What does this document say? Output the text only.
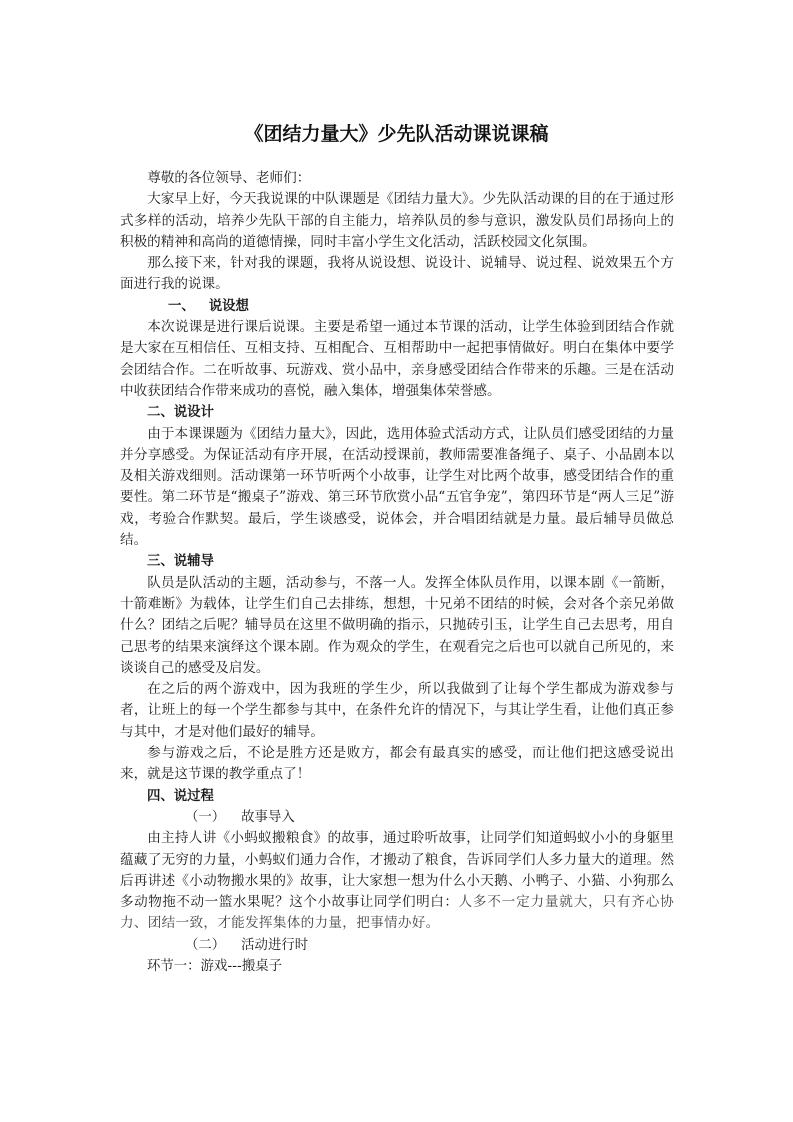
《团结力量大》少先队活动课说课稿

尊敬的各位领导、老师们：

大家早上好，今天我说课的中队课题是《团结力量大》。少先队活动课的目的在于通过形式多样的活动，培养少先队干部的自主能力，培养队员的参与意识，激发队员们昂扬向上的积极的精神和高尚的道德情操，同时丰富小学生文化活动，活跃校园文化氛围。

那么接下来，针对我的课题，我将从说设想、说设计、说辅导、说过程、说效果五个方面进行我的说课。

一、 说设想

本次说课是进行课后说课。主要是希望一通过本节课的活动，让学生体验到团结合作就是大家在互相信任、互相支持、互相配合、互相帮助中一起把事情做好。明白在集体中要学会团结合作。二在听故事、玩游戏、赏小品中，亲身感受团结合作带来的乐趣。三是在活动中收获团结合作带来成功的喜悦，融入集体，增强集体荣誉感。

二、说设计

由于本课课题为《团结力量大》，因此，选用体验式活动方式，让队员们感受团结的力量并分享感受。为保证活动有序开展，在活动授课前，教师需要准备绳子、桌子、小品剧本以及相关游戏细则。活动课第一环节听两个小故事，让学生对比两个故事，感受团结合作的重要性。第二环节是“搬桌子”游戏、第三环节欣赏小品“五官争宠”，第四环节是“两人三足”游戏，考验合作默契。最后，学生谈感受，说体会，并合唱团结就是力量。最后辅导员做总结。

三、说辅导

队员是队活动的主题，活动参与，不落一人。发挥全体队员作用，以课本剧《一箭断，十箭难断》为载体，让学生们自己去排练，想想，十兄弟不团结的时候，会对各个亲兄弟做什么？团结之后呢？辅导员在这里不做明确的指示，只抛砖引玉，让学生自己去思考，用自己思考的结果来演绎这个课本剧。作为观众的学生，在观看完之后也可以就自己所见的，来谈谈自己的感受及启发。

在之后的两个游戏中，因为我班的学生少，所以我做到了让每个学生都成为游戏参与者，让班上的每一个学生都参与其中，在条件允许的情况下，与其让学生看，让他们真正参与其中，才是对他们最好的辅导。

参与游戏之后，不论是胜方还是败方，都会有最真实的感受，而让他们把这感受说出来，就是这节课的教学重点了！

四、说过程
（一） 故事导入

由主持人讲《小蚂蚁搬粮食》的故事，通过聆听故事，让同学们知道蚂蚁小小的身躯里蕴藏了无穷的力量，小蚂蚁们通力合作，才搬动了粮食，告诉同学们人多力量大的道理。然后再讲述《小动物搬水果的》故事，让大家想一想为什么小天鹅、小鸭子、小猫、小狗那么多动物拖不动一篮水果呢？这个小故事让同学们明白：人多不一定力量就大，只有齐心协力、团结一致，才能发挥集体的力量，把事情办好。

（二） 活动进行时
环节一：游戏---搬桌子
